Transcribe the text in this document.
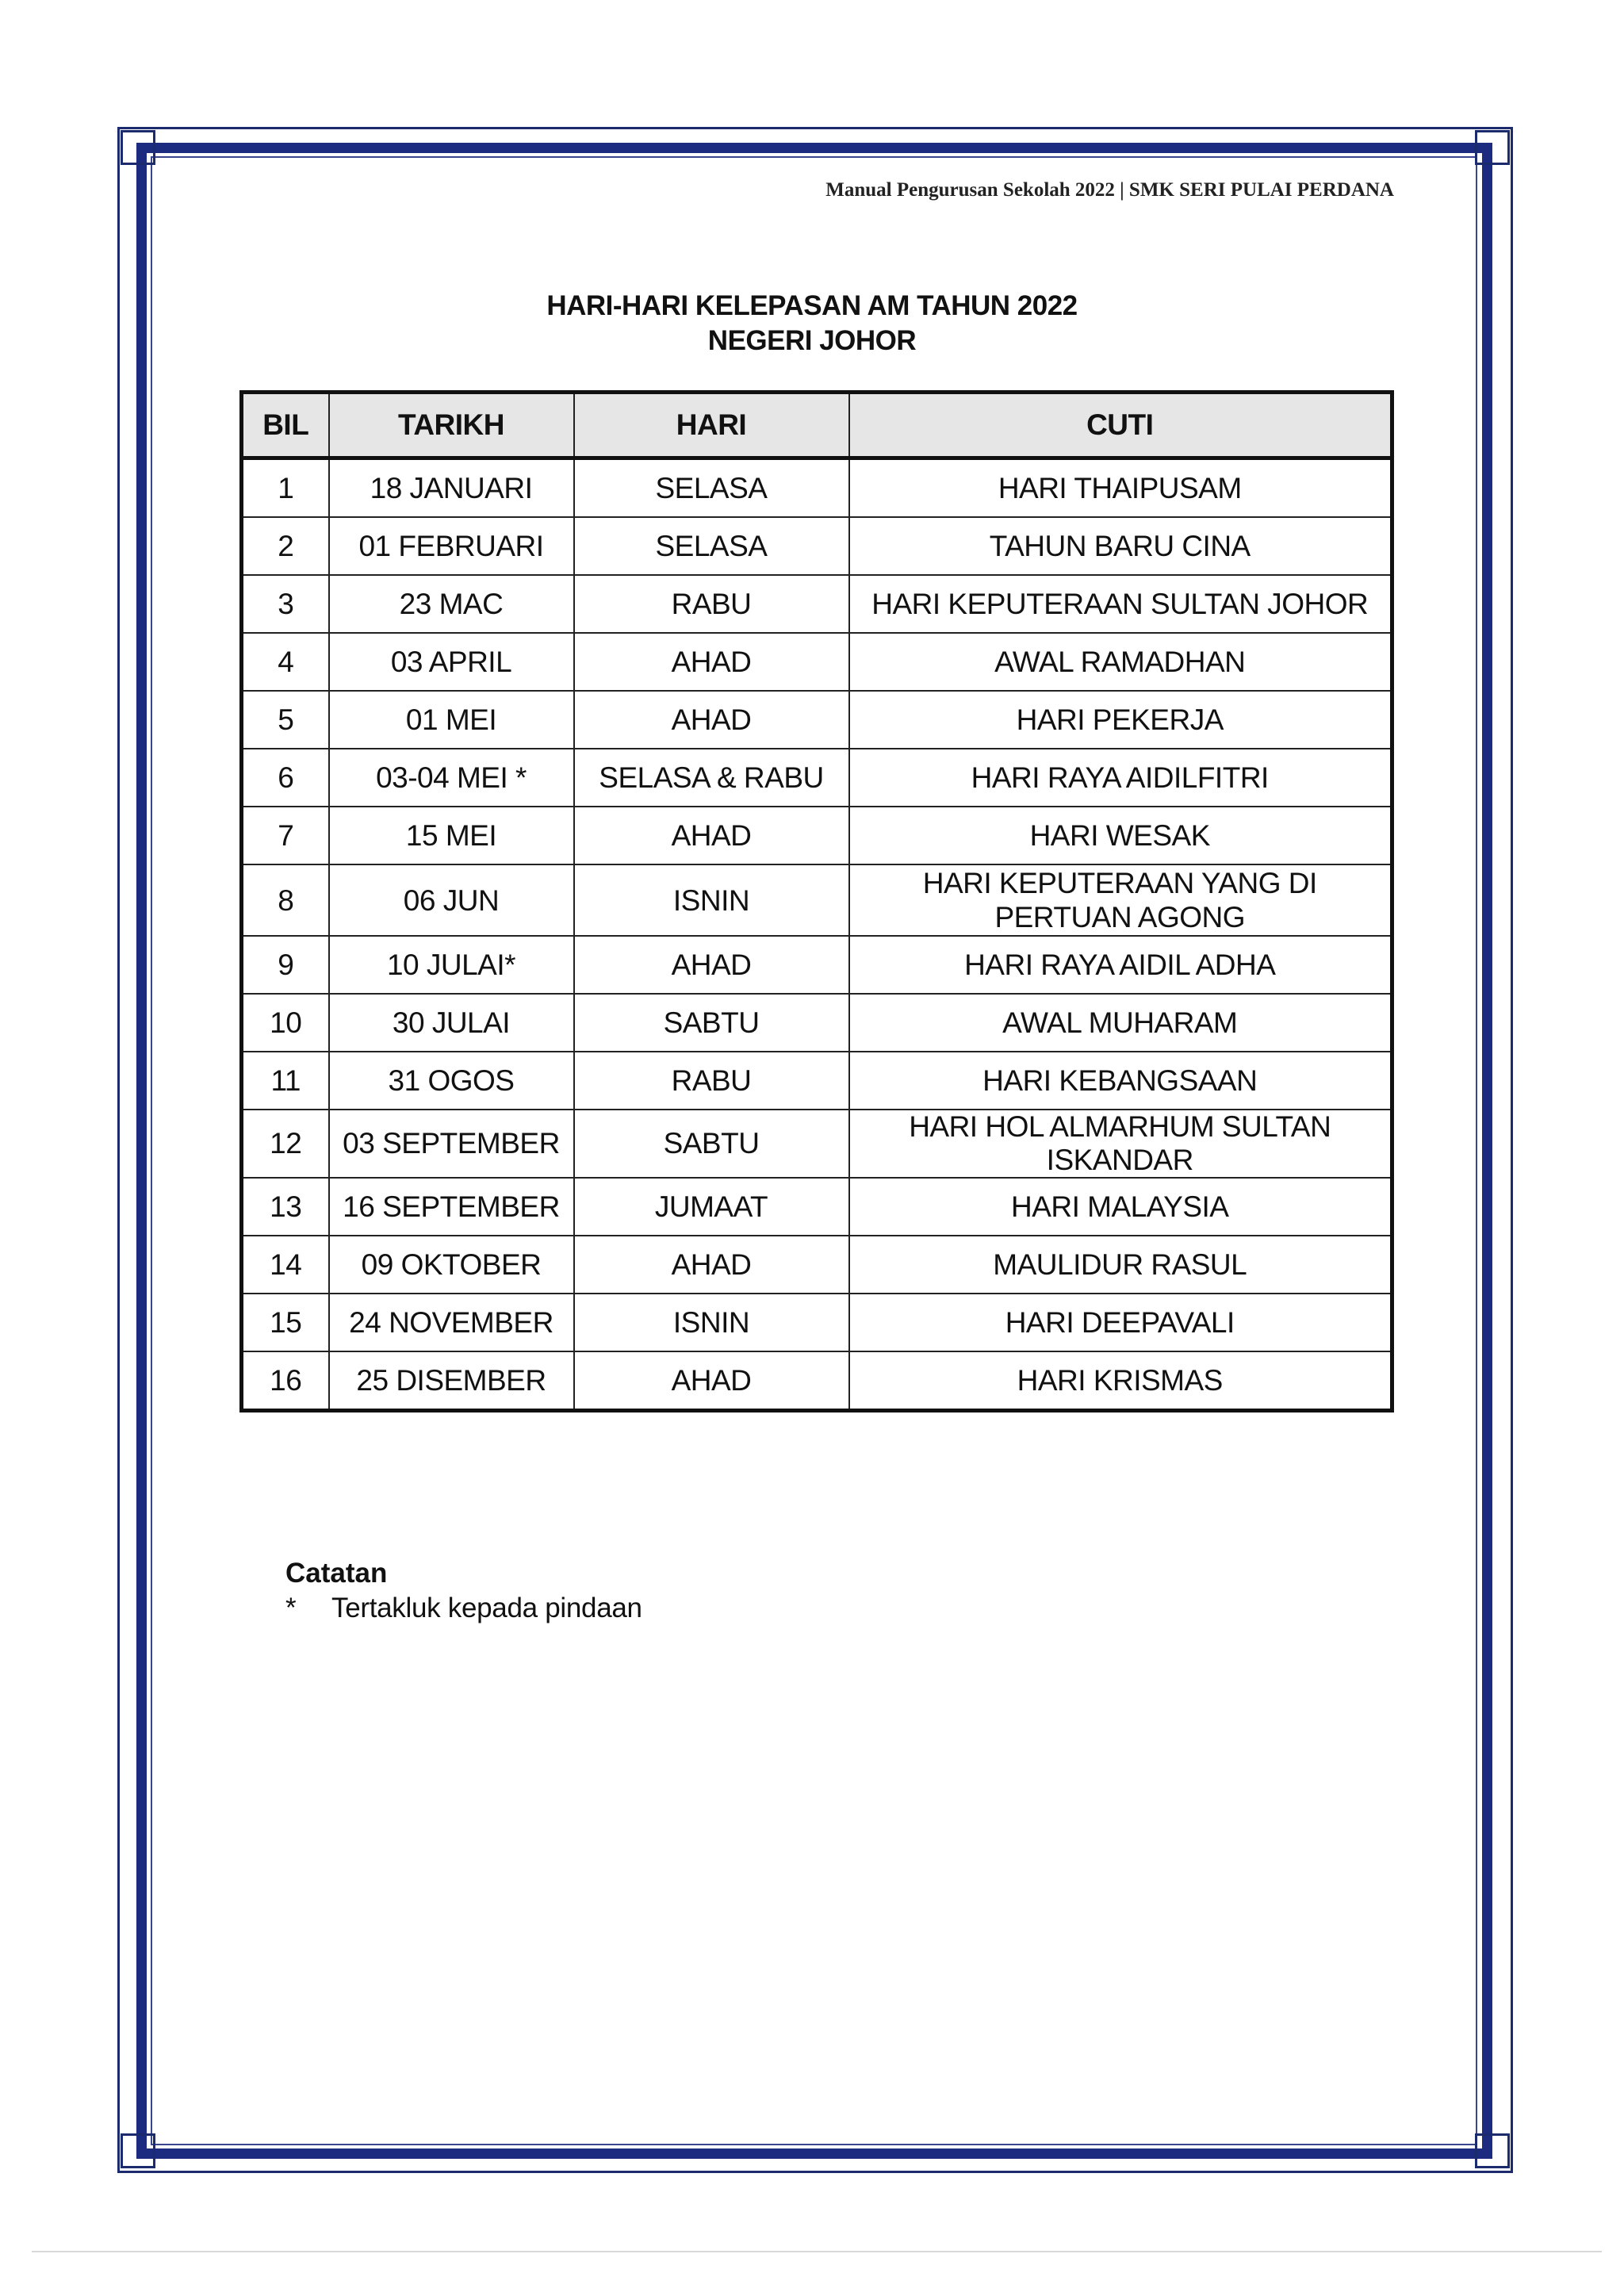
Manual Pengurusan Sekolah 2022 | SMK SERI PULAI PERDANA
HARI-HARI KELEPASAN AM TAHUN 2022
NEGERI JOHOR
BIL	TARIKH	HARI	CUTI
1	18 JANUARI	SELASA	HARI THAIPUSAM
2	01 FEBRUARI	SELASA	TAHUN BARU CINA
3	23 MAC	RABU	HARI KEPUTERAAN SULTAN JOHOR
4	03 APRIL	AHAD	AWAL RAMADHAN
5	01 MEI	AHAD	HARI PEKERJA
6	03-04 MEI *	SELASA & RABU	HARI RAYA AIDILFITRI
7	15 MEI	AHAD	HARI WESAK
8	06 JUN	ISNIN	HARI KEPUTERAAN YANG DI PERTUAN AGONG
9	10 JULAI*	AHAD	HARI RAYA AIDIL ADHA
10	30 JULAI	SABTU	AWAL MUHARAM
11	31 OGOS	RABU	HARI KEBANGSAAN
12	03 SEPTEMBER	SABTU	HARI HOL ALMARHUM SULTAN ISKANDAR
13	16 SEPTEMBER	JUMAAT	HARI MALAYSIA
14	09 OKTOBER	AHAD	MAULIDUR RASUL
15	24 NOVEMBER	ISNIN	HARI DEEPAVALI
16	25 DISEMBER	AHAD	HARI KRISMAS
Catatan
* Tertakluk kepada pindaan
